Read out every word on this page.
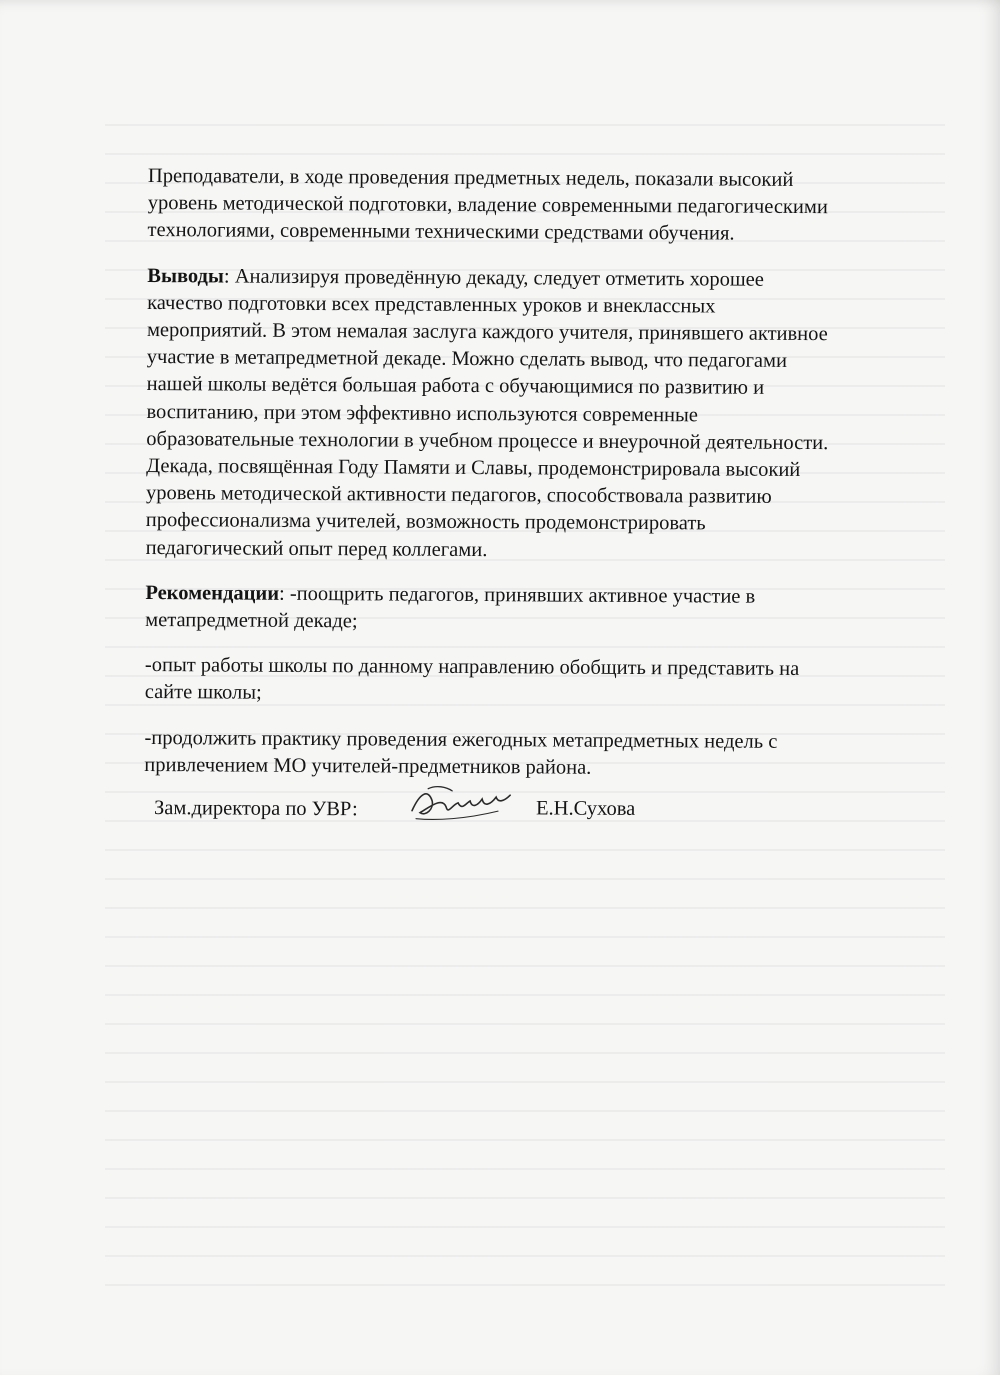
Преподаватели, в ходе проведения предметных недель, показали высокий
уровень методической подготовки, владение современными педагогическими
технологиями, современными техническими средствами обучения.

Выводы: Анализируя проведённую декаду, следует отметить хорошее
качество подготовки всех представленных уроков и внеклассных
мероприятий. В этом немалая заслуга каждого учителя, принявшего активное
участие в метапредметной декаде. Можно сделать вывод, что педагогами
нашей школы ведётся большая работа с обучающимися по развитию и
воспитанию, при этом эффективно используются современные
образовательные технологии в учебном процессе и внеурочной деятельности.
Декада, посвящённая Году Памяти и Славы, продемонстрировала высокий
уровень методической активности педагогов, способствовала развитию
профессионализма учителей, возможность продемонстрировать
педагогический опыт перед коллегами.

Рекомендации: -поощрить педагогов, принявших активное участие в
метапредметной декаде;

-опыт работы школы по данному направлению обобщить и представить на
сайте школы;

-продолжить практику проведения ежегодных метапредметных недель с
привлечением МО учителей-предметников района.

Зам.директора по УВР:	Е.Н.Сухова
